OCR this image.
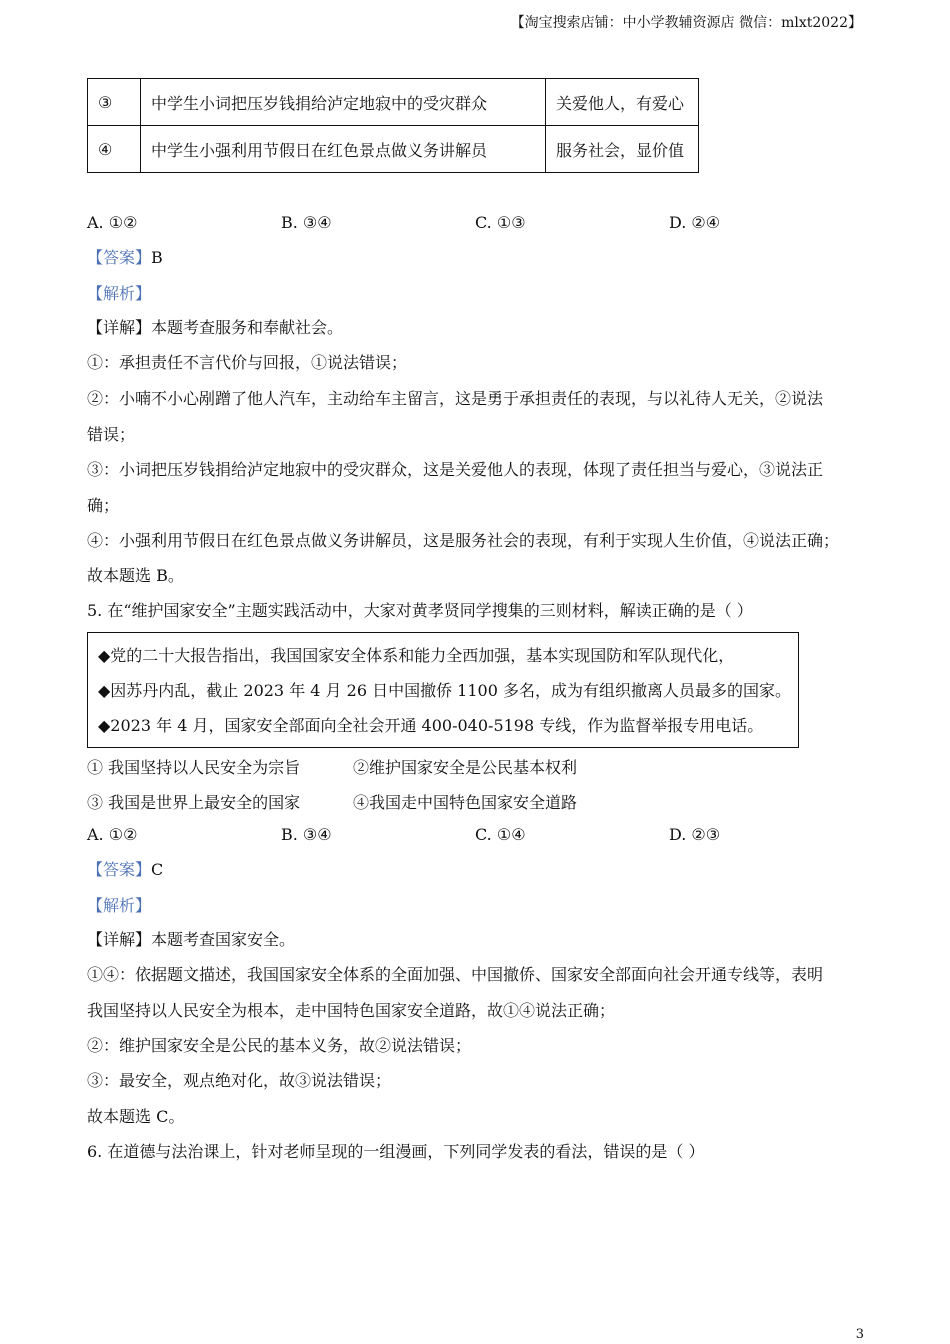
【淘宝搜索店铺：中小学教辅资源店 微信：mlxt2022】
③	中学生小词把压岁钱捐给泸定地寂中的受灾群众	关爱他人，有爱心
④	中学生小强利用节假日在红色景点做义务讲解员	服务社会，显价值
A. ①②	B. ③④	C. ①③	D. ②④
【答案】B
【解析】
【详解】本题考查服务和奉献社会。
①：承担责任不言代价与回报，①说法错误；
②：小喃不小心剐蹭了他人汽车，主动给车主留言，这是勇于承担责任的表现，与以礼待人无关，②说法
错误；
③：小词把压岁钱捐给泸定地寂中的受灾群众，这是关爱他人的表现，体现了责任担当与爱心，③说法正
确；
④：小强利用节假日在红色景点做义务讲解员，这是服务社会的表现，有利于实现人生价值，④说法正确；
故本题选 B。
5. 在“维护国家安全”主题实践活动中，大家对黄孝贤同学搜集的三则材料，解读正确的是（ ）
◆党的二十大报告指出，我国国家安全体系和能力全西加强，基本实现国防和军队现代化，
◆因苏丹内乱，截止 2023 年 4 月 26 日中国撤侨 1100 多名，成为有组织撤离人员最多的国家。
◆2023 年 4 月，国家安全部面向全社会开通 400-040-5198 专线，作为监督举报专用电话。
① 我国坚持以人民安全为宗旨	②维护国家安全是公民基本权利
③ 我国是世界上最安全的国家	④我国走中国特色国家安全道路
A. ①②	B. ③④	C. ①④	D. ②③
【答案】C
【解析】
【详解】本题考查国家安全。
①④：依据题文描述，我国国家安全体系的全面加强、中国撤侨、国家安全部面向社会开通专线等，表明
我国坚持以人民安全为根本，走中国特色国家安全道路，故①④说法正确；
②：维护国家安全是公民的基本义务，故②说法错误；
③：最安全，观点绝对化，故③说法错误；
故本题选 C。
6. 在道德与法治课上，针对老师呈现的一组漫画，下列同学发表的看法，错误的是（ ）
3
